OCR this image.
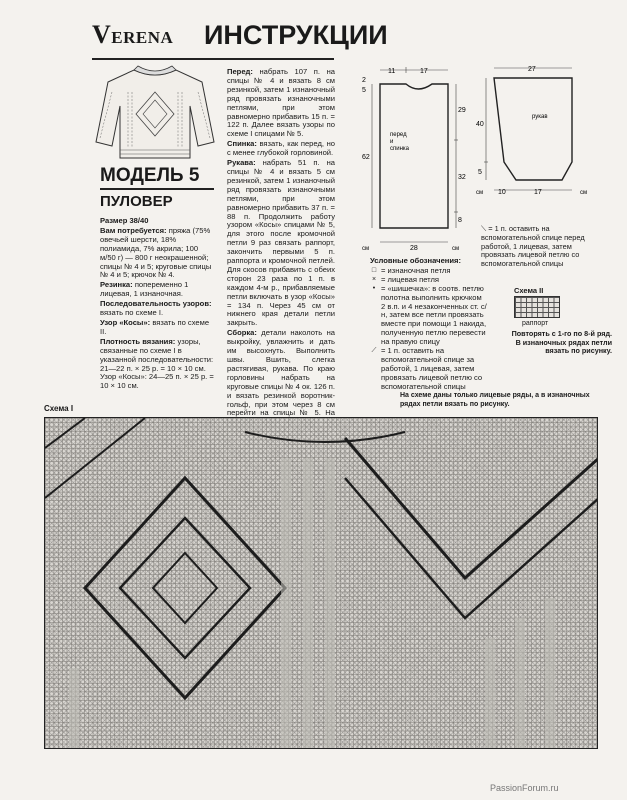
VERENA ИНСТРУКЦИИ
МОДЕЛЬ 5
ПУЛОВЕР

Размер 38/40

Вам потребуется: пряжа (75% овечьей шерсти, 18% полиамида, 7% акрила; 100 м/50 г) — 800 г неокрашенной; спицы № 4 и 5; круговые спицы № 4 и 5; крючок № 4.

Резинка: попеременно 1 лицевая, 1 изнаночная.

Последовательность узоров: вязать по схеме I.

Узор «Косы»: вязать по схеме II.

Плотность вязания: узоры, связанные по схеме I в указанной последовательности: 21—22 п. × 25 р. = 10 × 10 см. Узор «Косы»: 24—25 п. × 25 р. = 10 × 10 см.

Перед: набрать 107 п. на спицы № 4 и вязать 8 см резинкой, затем 1 изнаночный ряд провязать изнаночными петлями, при этом равномерно прибавить 15 п. = 122 п. Далее вязать узоры по схеме I спицами № 5.

Спинка: вязать, как перед, но с менее глубокой горловиной.

Рукава: набрать 51 п. на спицы № 4 и вязать 5 см резинкой, затем 1 изнаночный ряд провязать изнаночными петлями, при этом равномерно прибавить 37 п. = 88 п. Продолжить работу узором «Косы» спицами № 5, для этого после кромочной петли 9 раз связать раппорт, закончить первыми 5 п. раппорта и кромочной петлей. Для скосов прибавить с обеих сторон 23 раза по 1 п. в каждом 4-м р., прибавляемые петли включать в узор «Косы» = 134 п. Через 45 см от нижнего края детали петли закрыть.

Сборка: детали наколоть на выкройку, увлажнить и дать им высохнуть. Выполнить швы. Вшить, слегка растягивая, рукава. По краю горловины набрать на круговые спицы № 4 ок. 126 п. и вязать резинкой воротник-гольф, при этом через 8 см перейти на спицы № 5. На

2
5
11	17
29
32
8
62
перед
и
спинка
28
см	см
27
40
5
рукав
10	17
см	см
⟍ = 1 п. оставить на вспомогательной спице перед работой, 1 лицевая, затем провязать лицевой петлю со вспомогательной спицы

Условные обозначения:

□ = изнаночная петля
× = лицевая петля
• = «шишечка»: в соотв. петлю полотна выполнить крючком 2 в.п. и 4 незаконченных ст. с/н, затем все петли провязать вместе при помощи 1 накида, полученную петлю перевести на правую спицу
⟋ = 1 п. оставить на вспомогательной спице за работой, 1 лицевая, затем провязать лицевой петлю со вспомогательной спицы
Схема II
раппорт
Повторять с 1-го по 8-й ряд.
В изнаночных рядах петли вязать по рисунку.
На схеме даны только лицевые ряды, а в изнаночных рядах петли вязать по рисунку.
Схема I
PassionForum.ru
